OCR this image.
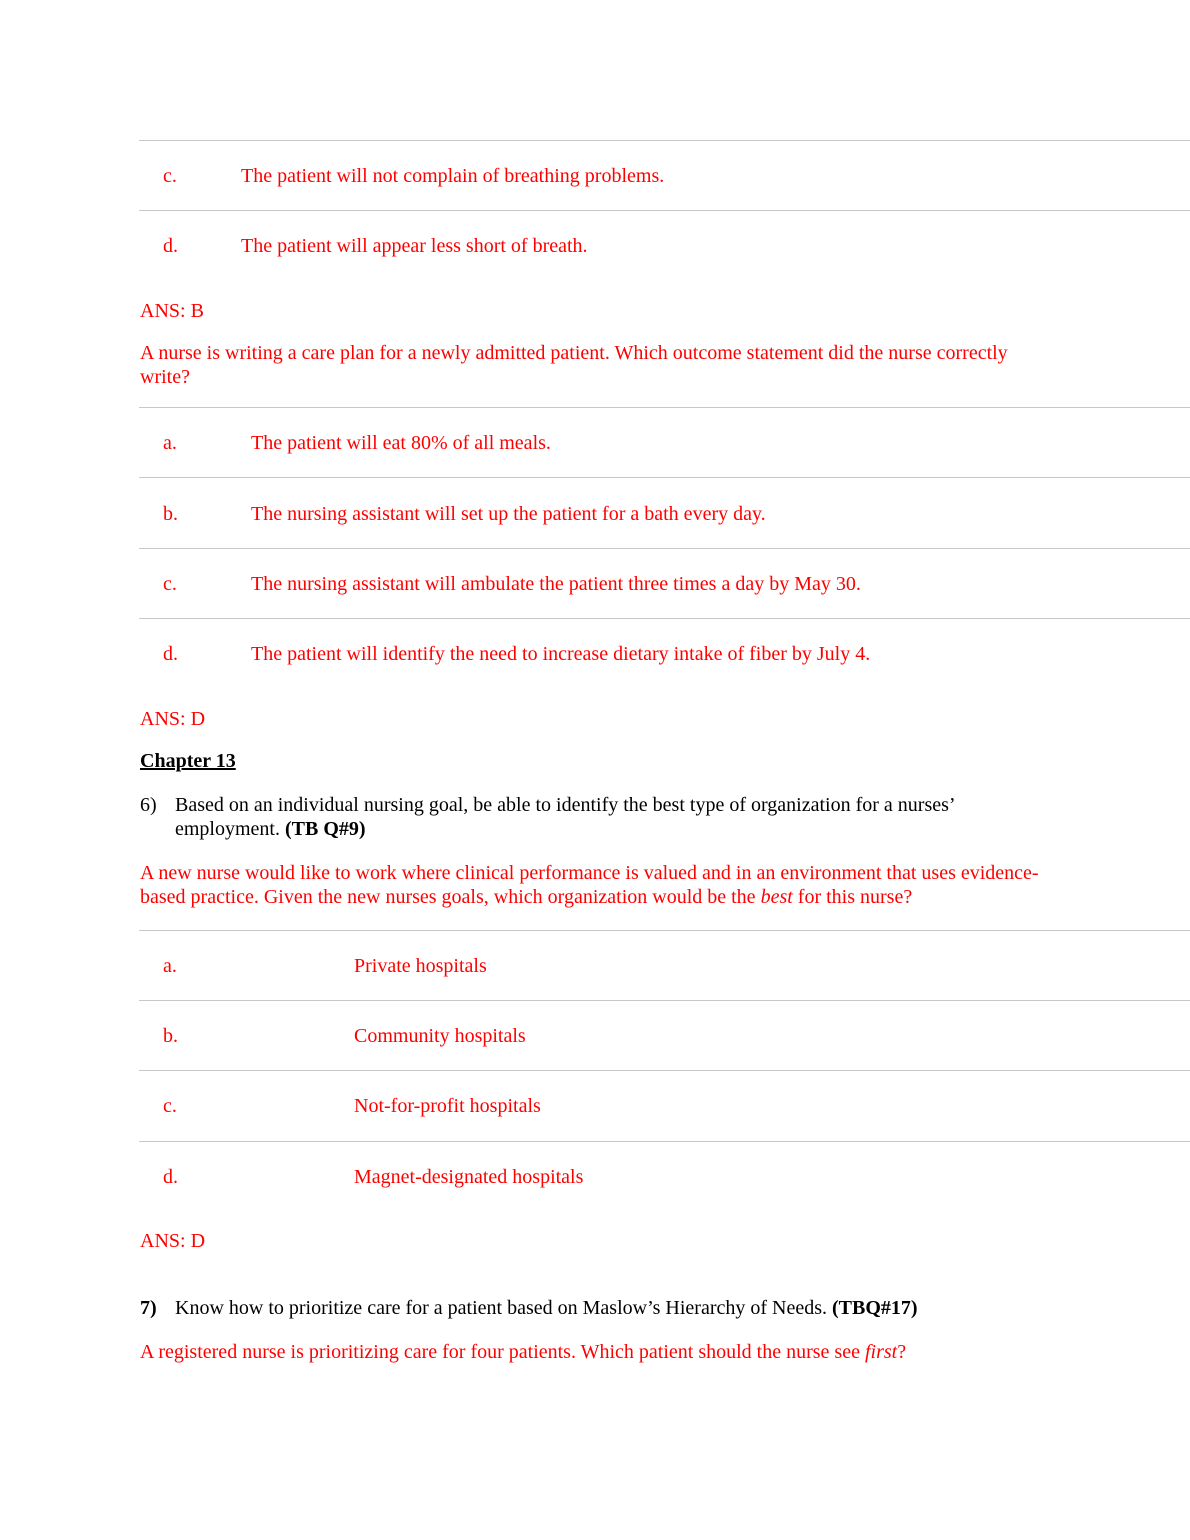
c.	The patient will not complain of breathing problems.
d.	The patient will appear less short of breath.
ANS: B
A nurse is writing a care plan for a newly admitted patient. Which outcome statement did the nurse correctly write?
a.	The patient will eat 80% of all meals.
b.	The nursing assistant will set up the patient for a bath every day.
c.	The nursing assistant will ambulate the patient three times a day by May 30.
d.	The patient will identify the need to increase dietary intake of fiber by July 4.
ANS: D
Chapter 13
6) Based on an individual nursing goal, be able to identify the best type of organization for a nurses’ employment. (TB Q#9)
A new nurse would like to work where clinical performance is valued and in an environment that uses evidence-based practice. Given the new nurses goals, which organization would be the best for this nurse?
a.	Private hospitals
b.	Community hospitals
c.	Not-for-profit hospitals
d.	Magnet-designated hospitals
ANS: D
7) Know how to prioritize care for a patient based on Maslow’s Hierarchy of Needs. (TBQ#17)
A registered nurse is prioritizing care for four patients. Which patient should the nurse see first?
